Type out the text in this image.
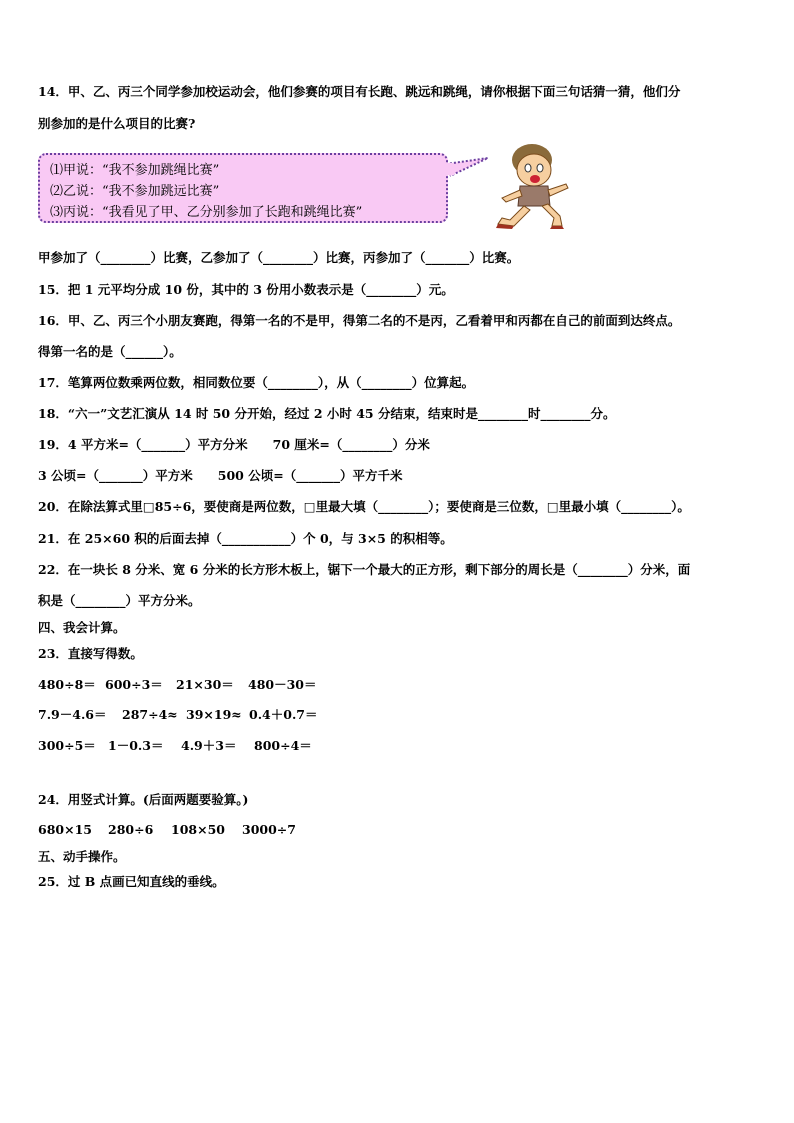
14．甲、乙、丙三个同学参加校运动会，他们参赛的项目有长跑、跳远和跳绳，请你根据下面三句话猜一猜，他们分
别参加的是什么项目的比赛?
⑴甲说：“我不参加跳绳比赛”
⑵乙说：“我不参加跳远比赛”
⑶丙说：“我看见了甲、乙分别参加了长跑和跳绳比赛”
甲参加了（________）比赛，乙参加了（________）比赛，丙参加了（_______）比赛。
15．把 1 元平均分成 10 份，其中的 3 份用小数表示是（________）元。
16．甲、乙、丙三个小朋友赛跑，得第一名的不是甲，得第二名的不是丙，乙看着甲和丙都在自己的前面到达终点。
得第一名的是（______）。
17．笔算两位数乘两位数，相同数位要（________），从（________）位算起。
18．“六一”文艺汇演从 14 时 50 分开始，经过 2 小时 45 分结束，结束时是________时________分。
19．4 平方米=（_______）平方分米　　70 厘米=（________）分米
3 公顷=（_______）平方米　　500 公顷=（_______）平方千米
20．在除法算式里□85÷6，要使商是两位数，□里最大填（________）；要使商是三位数，□里最小填（________）。
21．在 25×60 积的后面去掉（___________）个 0，与 3×5 的积相等。
22．在一块长 8 分米、宽 6 分米的长方形木板上，锯下一个最大的正方形，剩下部分的周长是（________）分米，面
积是（________）平方分米。
四、我会计算。
23．直接写得数。
480÷8＝ 600÷3＝ 21×30＝ 480－30＝
7.9－4.6＝ 287÷4≈ 39×19≈ 0.4＋0.7＝
300÷5＝ 1－0.3＝ 4.9＋3＝ 800÷4＝
24．用竖式计算。(后面两题要验算。)
680×15 280÷6 108×50 3000÷7
五、动手操作。
25．过 B 点画已知直线的垂线。
